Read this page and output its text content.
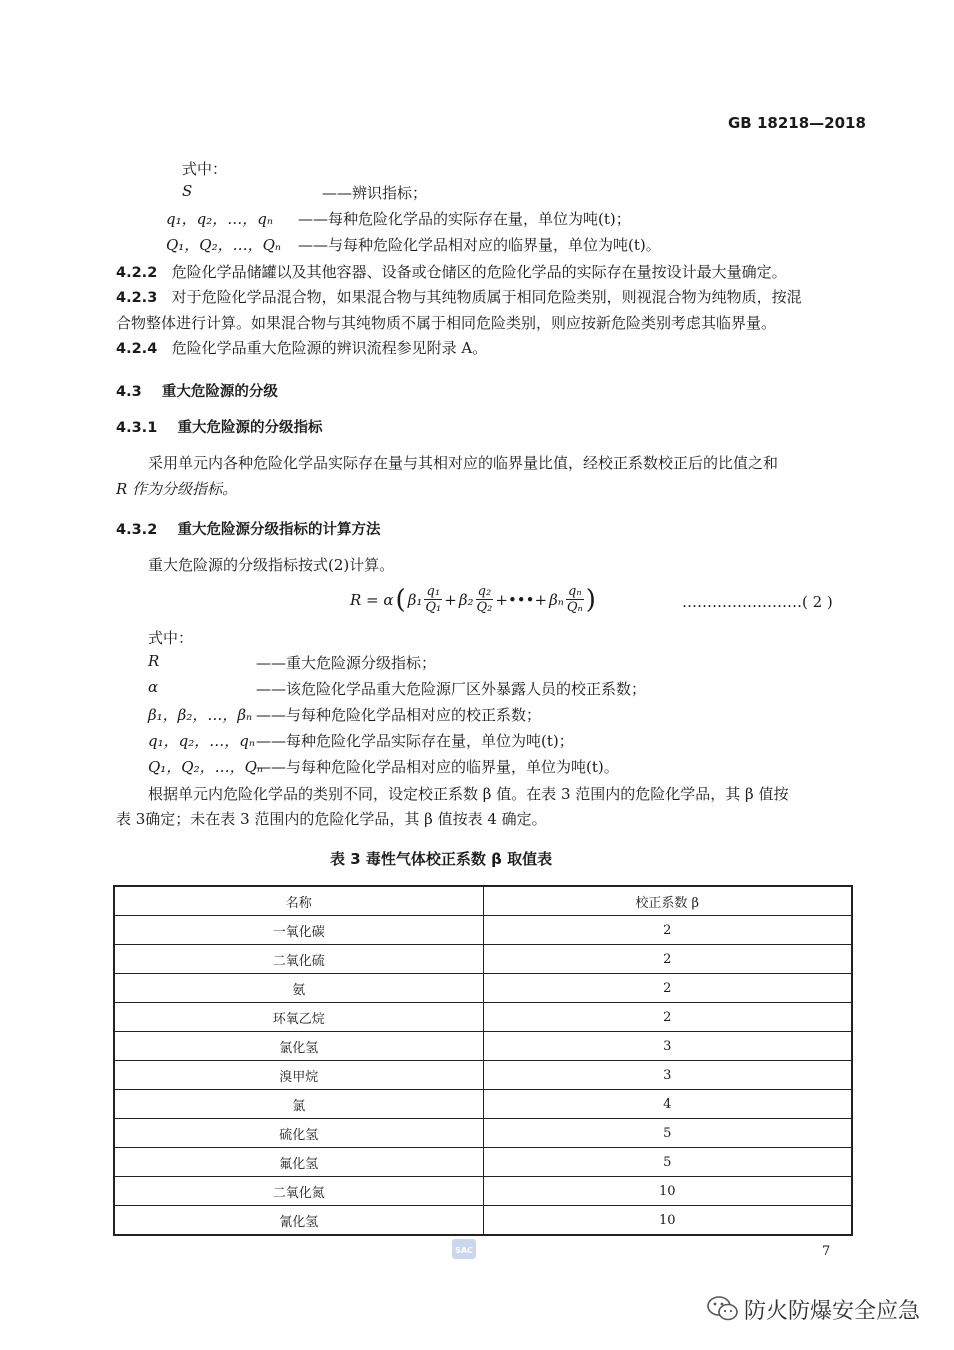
GB 18218—2018
式中：
S	——辨识指标；
q₁，q₂，…，qₙ ——每种危险化学品的实际存在量，单位为吨(t)；
Q₁，Q₂，…，Qₙ ——与每种危险化学品相对应的临界量，单位为吨(t)。
4.2.2 危险化学品储罐以及其他容器、设备或仓储区的危险化学品的实际存在量按设计最大量确定。
4.2.3 对于危险化学品混合物，如果混合物与其纯物质属于相同危险类别，则视混合物为纯物质，按混
合物整体进行计算。如果混合物与其纯物质不属于相同危险类别，则应按新危险类别考虑其临界量。
4.2.4 危险化学品重大危险源的辨识流程参见附录 A。
4.3 重大危险源的分级
4.3.1 重大危险源的分级指标
采用单元内各种危险化学品实际存在量与其相对应的临界量比值，经校正系数校正后的比值之和
R 作为分级指标。
4.3.2 重大危险源分级指标的计算方法
重大危险源的分级指标按式(2)计算。
R = α ( $\beta_1 \frac{\text{q₁}}{\text{Q₁}} + \beta_2 \frac{\text{q₂}}{\text{Q₂}}$ +•••+ βₙ $\frac{\text{qₙ}}{\text{Qₙ}}$ )	……………………( 2 )
式中：
R	——重大危险源分级指标；
α	——该危险化学品重大危险源厂区外暴露人员的校正系数；
β₁，β₂，…，βₙ ——与每种危险化学品相对应的校正系数；
q₁，q₂，…，qₙ ——每种危险化学品实际存在量，单位为吨(t)；
Q₁，Q₂，…，Qₙ
——与每种危险化学品相对应的临界量，单位为吨(t)。
根据单元内危险化学品的类别不同，设定校正系数 β 值。在表 3 范围内的危险化学品，其 β 值按
表 3确定；未在表 3 范围内的危险化学品，其 β 值按表 4 确定。
表 3 毒性气体校正系数 β 取值表
名称	校正系数 β
一氧化碳	2
二氧化硫	2
氨	2
环氧乙烷	2
氯化氢	3
溴甲烷	3
氯	4
硫化氢	5
氟化氢	5
二氧化氮	10
氰化氢	10
SAC	7
防火防爆安全应急
